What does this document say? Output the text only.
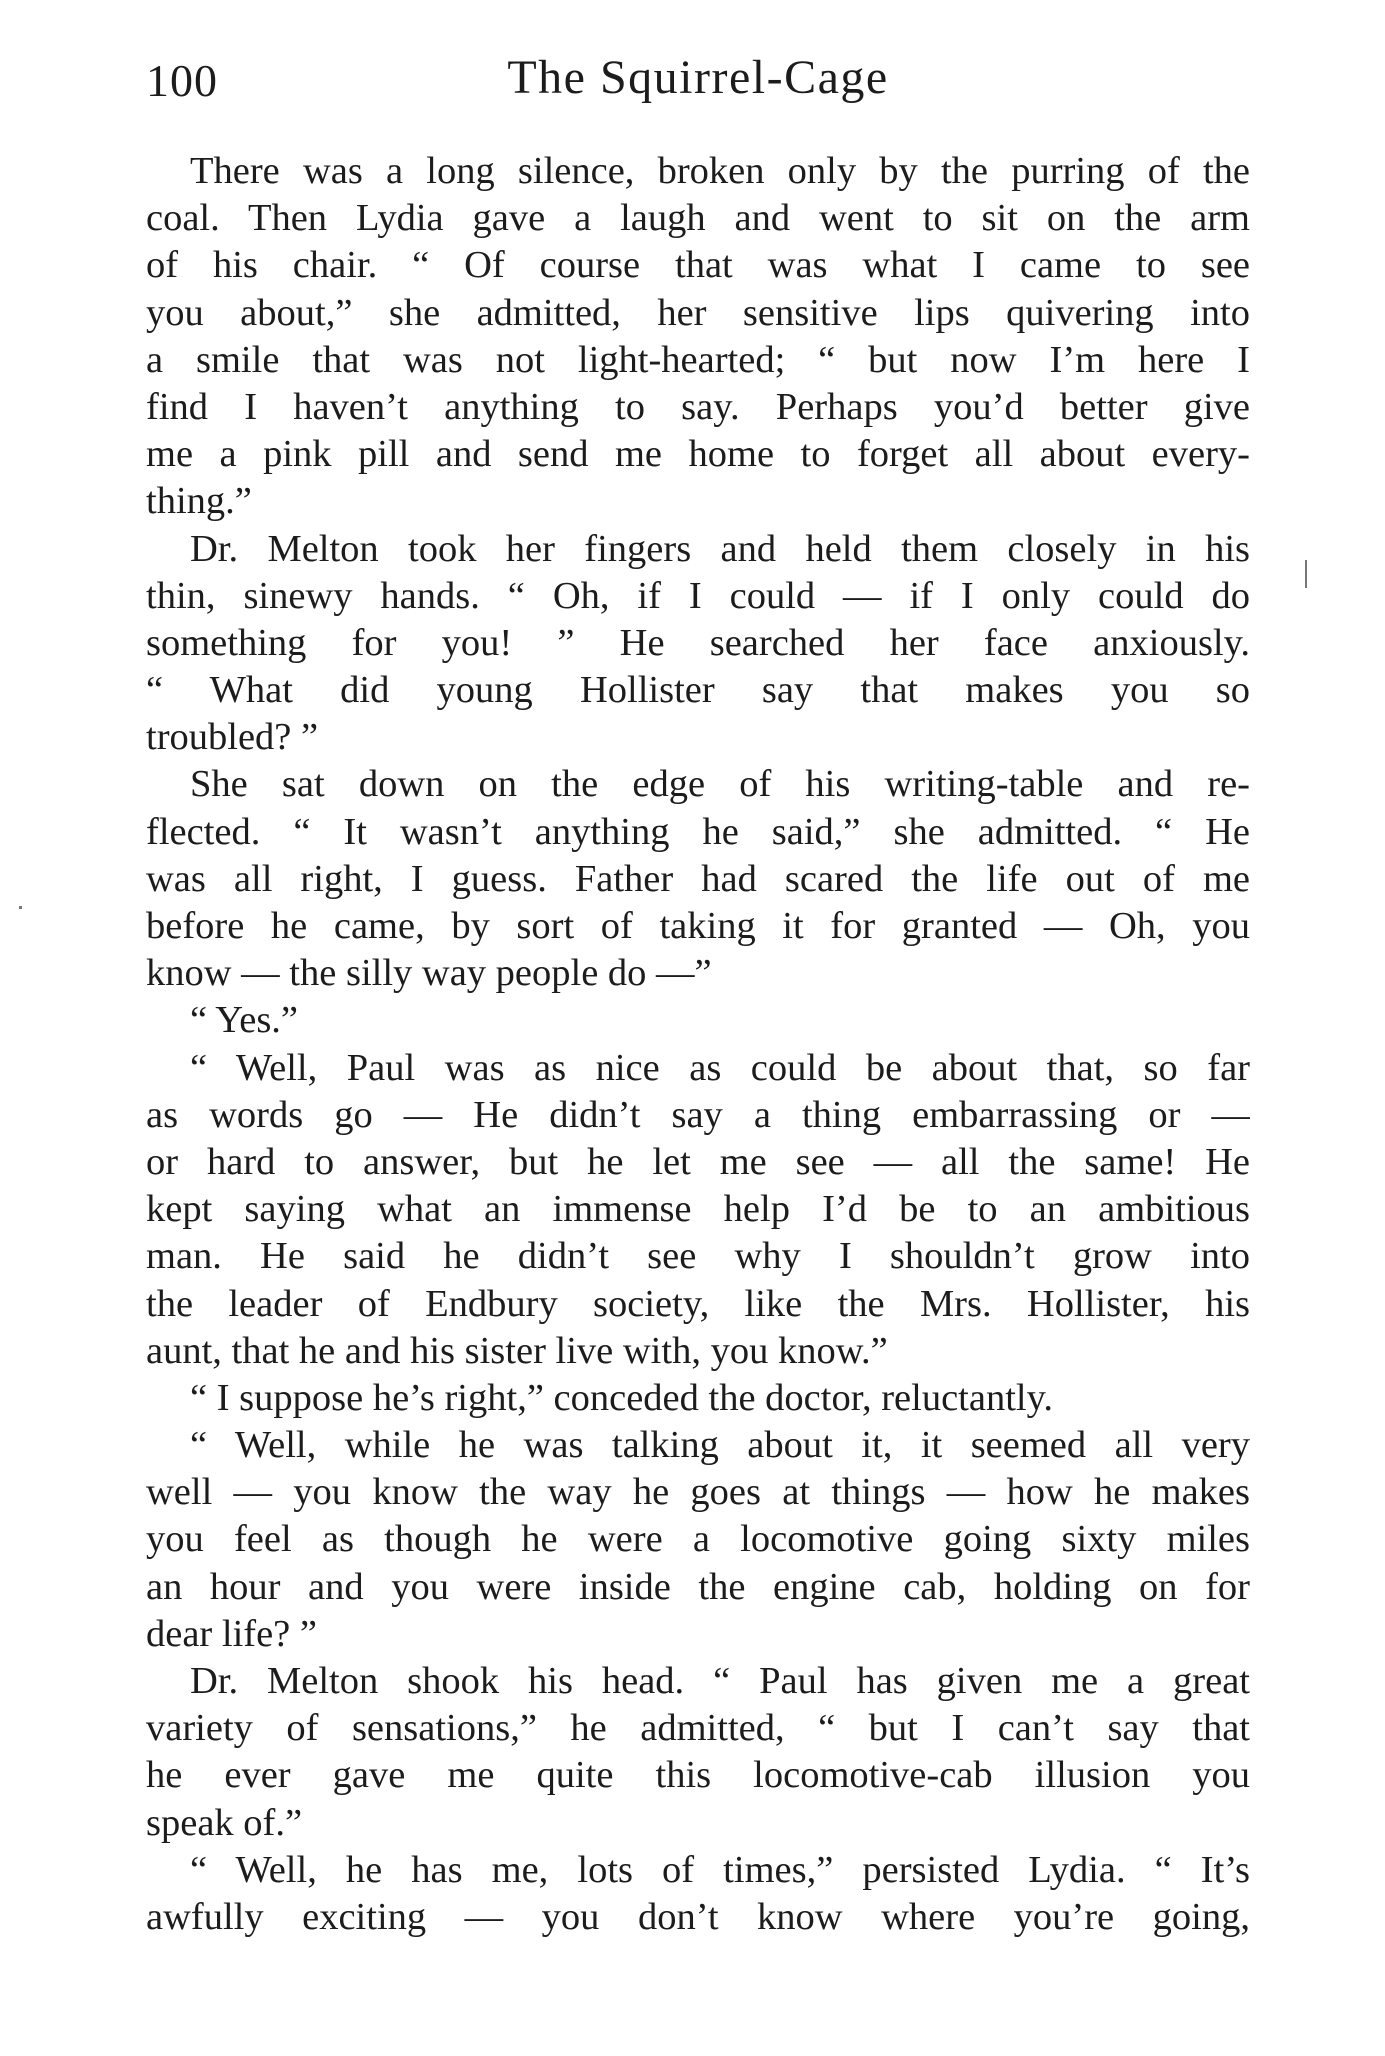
100	The Squirrel-Cage
There was a long silence, broken only by the purring of the
coal. Then Lydia gave a laugh and went to sit on the arm
of his chair. “ Of course that was what I came to see
you about,” she admitted, her sensitive lips quivering into
a smile that was not light-hearted; “ but now I’m here I
find I haven’t anything to say. Perhaps you’d better give
me a pink pill and send me home to forget all about every-
thing.”
Dr. Melton took her fingers and held them closely in his
thin, sinewy hands. “ Oh, if I could — if I only could do
something for you! ” He searched her face anxiously.
“ What did young Hollister say that makes you so
troubled? ”
She sat down on the edge of his writing-table and re-
flected. “ It wasn’t anything he said,” she admitted. “ He
was all right, I guess. Father had scared the life out of me
before he came, by sort of taking it for granted — Oh, you
know — the silly way people do —”
“ Yes.”
“ Well, Paul was as nice as could be about that, so far
as words go — He didn’t say a thing embarrassing or —
or hard to answer, but he let me see — all the same! He
kept saying what an immense help I’d be to an ambitious
man. He said he didn’t see why I shouldn’t grow into
the leader of Endbury society, like the Mrs. Hollister, his
aunt, that he and his sister live with, you know.”
“ I suppose he’s right,” conceded the doctor, reluctantly.
“ Well, while he was talking about it, it seemed all very
well — you know the way he goes at things — how he makes
you feel as though he were a locomotive going sixty miles
an hour and you were inside the engine cab, holding on for
dear life? ”
Dr. Melton shook his head. “ Paul has given me a great
variety of sensations,” he admitted, “ but I can’t say that
he ever gave me quite this locomotive-cab illusion you
speak of.”
“ Well, he has me, lots of times,” persisted Lydia. “ It’s
awfully exciting — you don’t know where you’re going,
